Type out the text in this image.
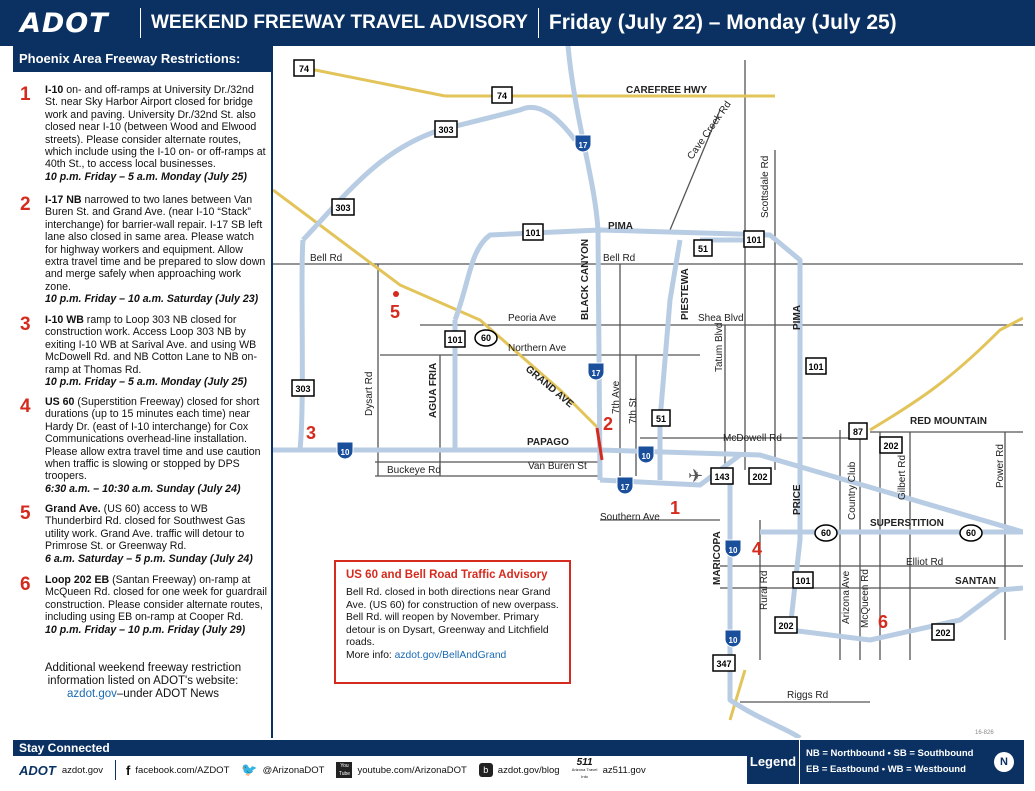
ADOT	WEEKEND FREEWAY TRAVEL ADVISORY Friday (July 22) – Monday (July 25)
Phoenix Area Freeway Restrictions:
1 I-10 on- and off-ramps at University Dr./32nd St. near Sky Harbor Airport closed for bridge work and paving. University Dr./32nd St. also closed near I-10 (between Wood and Elwood streets). Please consider alternate routes, which include using the I-10 on- or off-ramps at 40th St., to access local businesses.
10 p.m. Friday – 5 a.m. Monday (July 25)
2 I-17 NB narrowed to two lanes between Van Buren St. and Grand Ave. (near I-10 “Stack” interchange) for barrier-wall repair. I-17 SB left lane also closed in same area. Please watch for highway workers and equipment. Allow extra travel time and be prepared to slow down and merge safely when approaching work zone.
10 p.m. Friday – 10 a.m. Saturday (July 23)
3 I-10 WB ramp to Loop 303 NB closed for construction work. Access Loop 303 NB by exiting I-10 WB at Sarival Ave. and using WB McDowell Rd. and NB Cotton Lane to NB on-ramp at Thomas Rd.
10 p.m. Friday – 5 a.m. Monday (July 25)
4 US 60 (Superstition Freeway) closed for short durations (up to 15 minutes each time) near Hardy Dr. (east of I-10 interchange) for Cox Communications overhead-line installation. Please allow extra travel time and use caution when traffic is slowing or stopped by DPS troopers.
6:30 a.m. – 10:30 a.m. Sunday (July 24)
5 Grand Ave. (US 60) access to WB Thunderbird Rd. closed for Southwest Gas utility work. Grand Ave. traffic will detour to Primrose St. or Greenway Rd.
6 a.m. Saturday – 5 p.m. Sunday (July 24)
6 Loop 202 EB (Santan Freeway) on-ramp at McQueen Rd. closed for one week for guardrail construction. Please consider alternate routes, including using EB on-ramp at Cooper Rd.
10 p.m. Friday – 10 p.m. Friday (July 29)
Additional weekend freeway restriction information listed on ADOT's website:
azdot.gov–under ADOT News
✈
1
2
3
4
5
6
CAREFREE HWY
Cave Creek Rd
Scottsdale Rd
PIMA
Bell Rd	Bell Rd
Peoria Ave	Shea Blvd
Northern Ave
BLACK CANYON	PIESTEWA	PIMA
Tatum Blvd
GRAND AVE
Dysart Rd	AGUA FRIA	7th Ave 7th St	RED MOUNTAIN
PAPAGO	McDowell Rd
Van Buren St
Buckeye Rd
Southern Ave
PRICE	Country Club	Gilbert Rd	Power Rd
SUPERSTITION
MARICOPA	Elliot Rd
SANTAN
Rural Rd	Arizona Ave McQueen Rd
Riggs Rd
16-826
74
74
303
303
303
101
101
101
101
101
51
51
60
60	60
87
202
202
202
202
143
347
17
17
17
10	10
10
10
US 60 and Bell Road Traffic Advisory
Bell Rd. closed in both directions near Grand Ave. (US 60) for construction of new overpass. Bell Rd. will reopen by November. Primary detour is on Dysart, Greenway and Litchfield roads.
More info: azdot.gov/BellAndGrand
Stay Connected
ADOT azdot.gov f facebook.com/AZDOT 🐦 @ArizonaDOT	You
Tube youtube.com/ArizonaDOT	b	azdot.gov/blog
511
Arizona Travel Info
az511.gov
Legend
NB = Northbound • SB = Southbound
EB = Eastbound • WB = Westbound
N
